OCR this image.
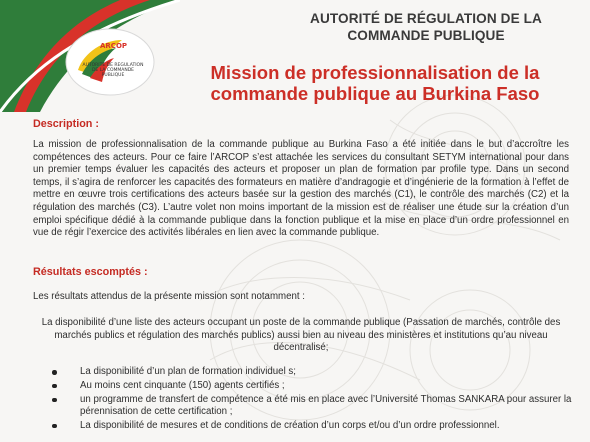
ARCOP
AUTORITE DE REGULATION DE LA COMMANDE PUBLIQUE
AUTORITÉ DE RÉGULATION DE LA COMMANDE PUBLIQUE
Mission de professionnalisation de la commande publique au Burkina Faso
Description :
La mission de professionnalisation de la commande publique au Burkina Faso a été initiée dans le but d’accroître les compétences des acteurs. Pour ce faire l’ARCOP s’est attachée les services du consultant SETYM international pour dans un premier temps évaluer les capacités des acteurs et proposer un plan de formation par profile type. Dans un second temps, il s’agira de renforcer les capacités des formateurs en matière d’andragogie et d’ingénierie de la formation à l’effet de mettre en œuvre trois certifications des acteurs basée sur la gestion des marchés (C1), le contrôle des marchés (C2) et la régulation des marchés (C3). L’autre volet non moins important de la mission est de réaliser une étude sur la création d’un emploi spécifique dédié à la commande publique dans la fonction publique et la mise en place d’un ordre professionnel en vue de régir l’exercice des activités libérales en lien avec la commande publique.
Résultats escomptés :
Les résultats attendus de la présente mission sont notamment :
La disponibilité d’une liste des acteurs occupant un poste de la commande publique (Passation de marchés, contrôle des marchés publics et régulation des marchés publics) aussi bien au niveau des ministères et institutions qu’au niveau décentralisé;
La disponibilité d’un plan de formation individuel s;
Au moins cent cinquante (150) agents certifiés ;
un programme de transfert de compétence a été mis en place avec l’Université Thomas SANKARA pour assurer la pérennisation de cette certification ;
La disponibilité de mesures et de conditions de création d’un corps et/ou d’un ordre professionnel.
